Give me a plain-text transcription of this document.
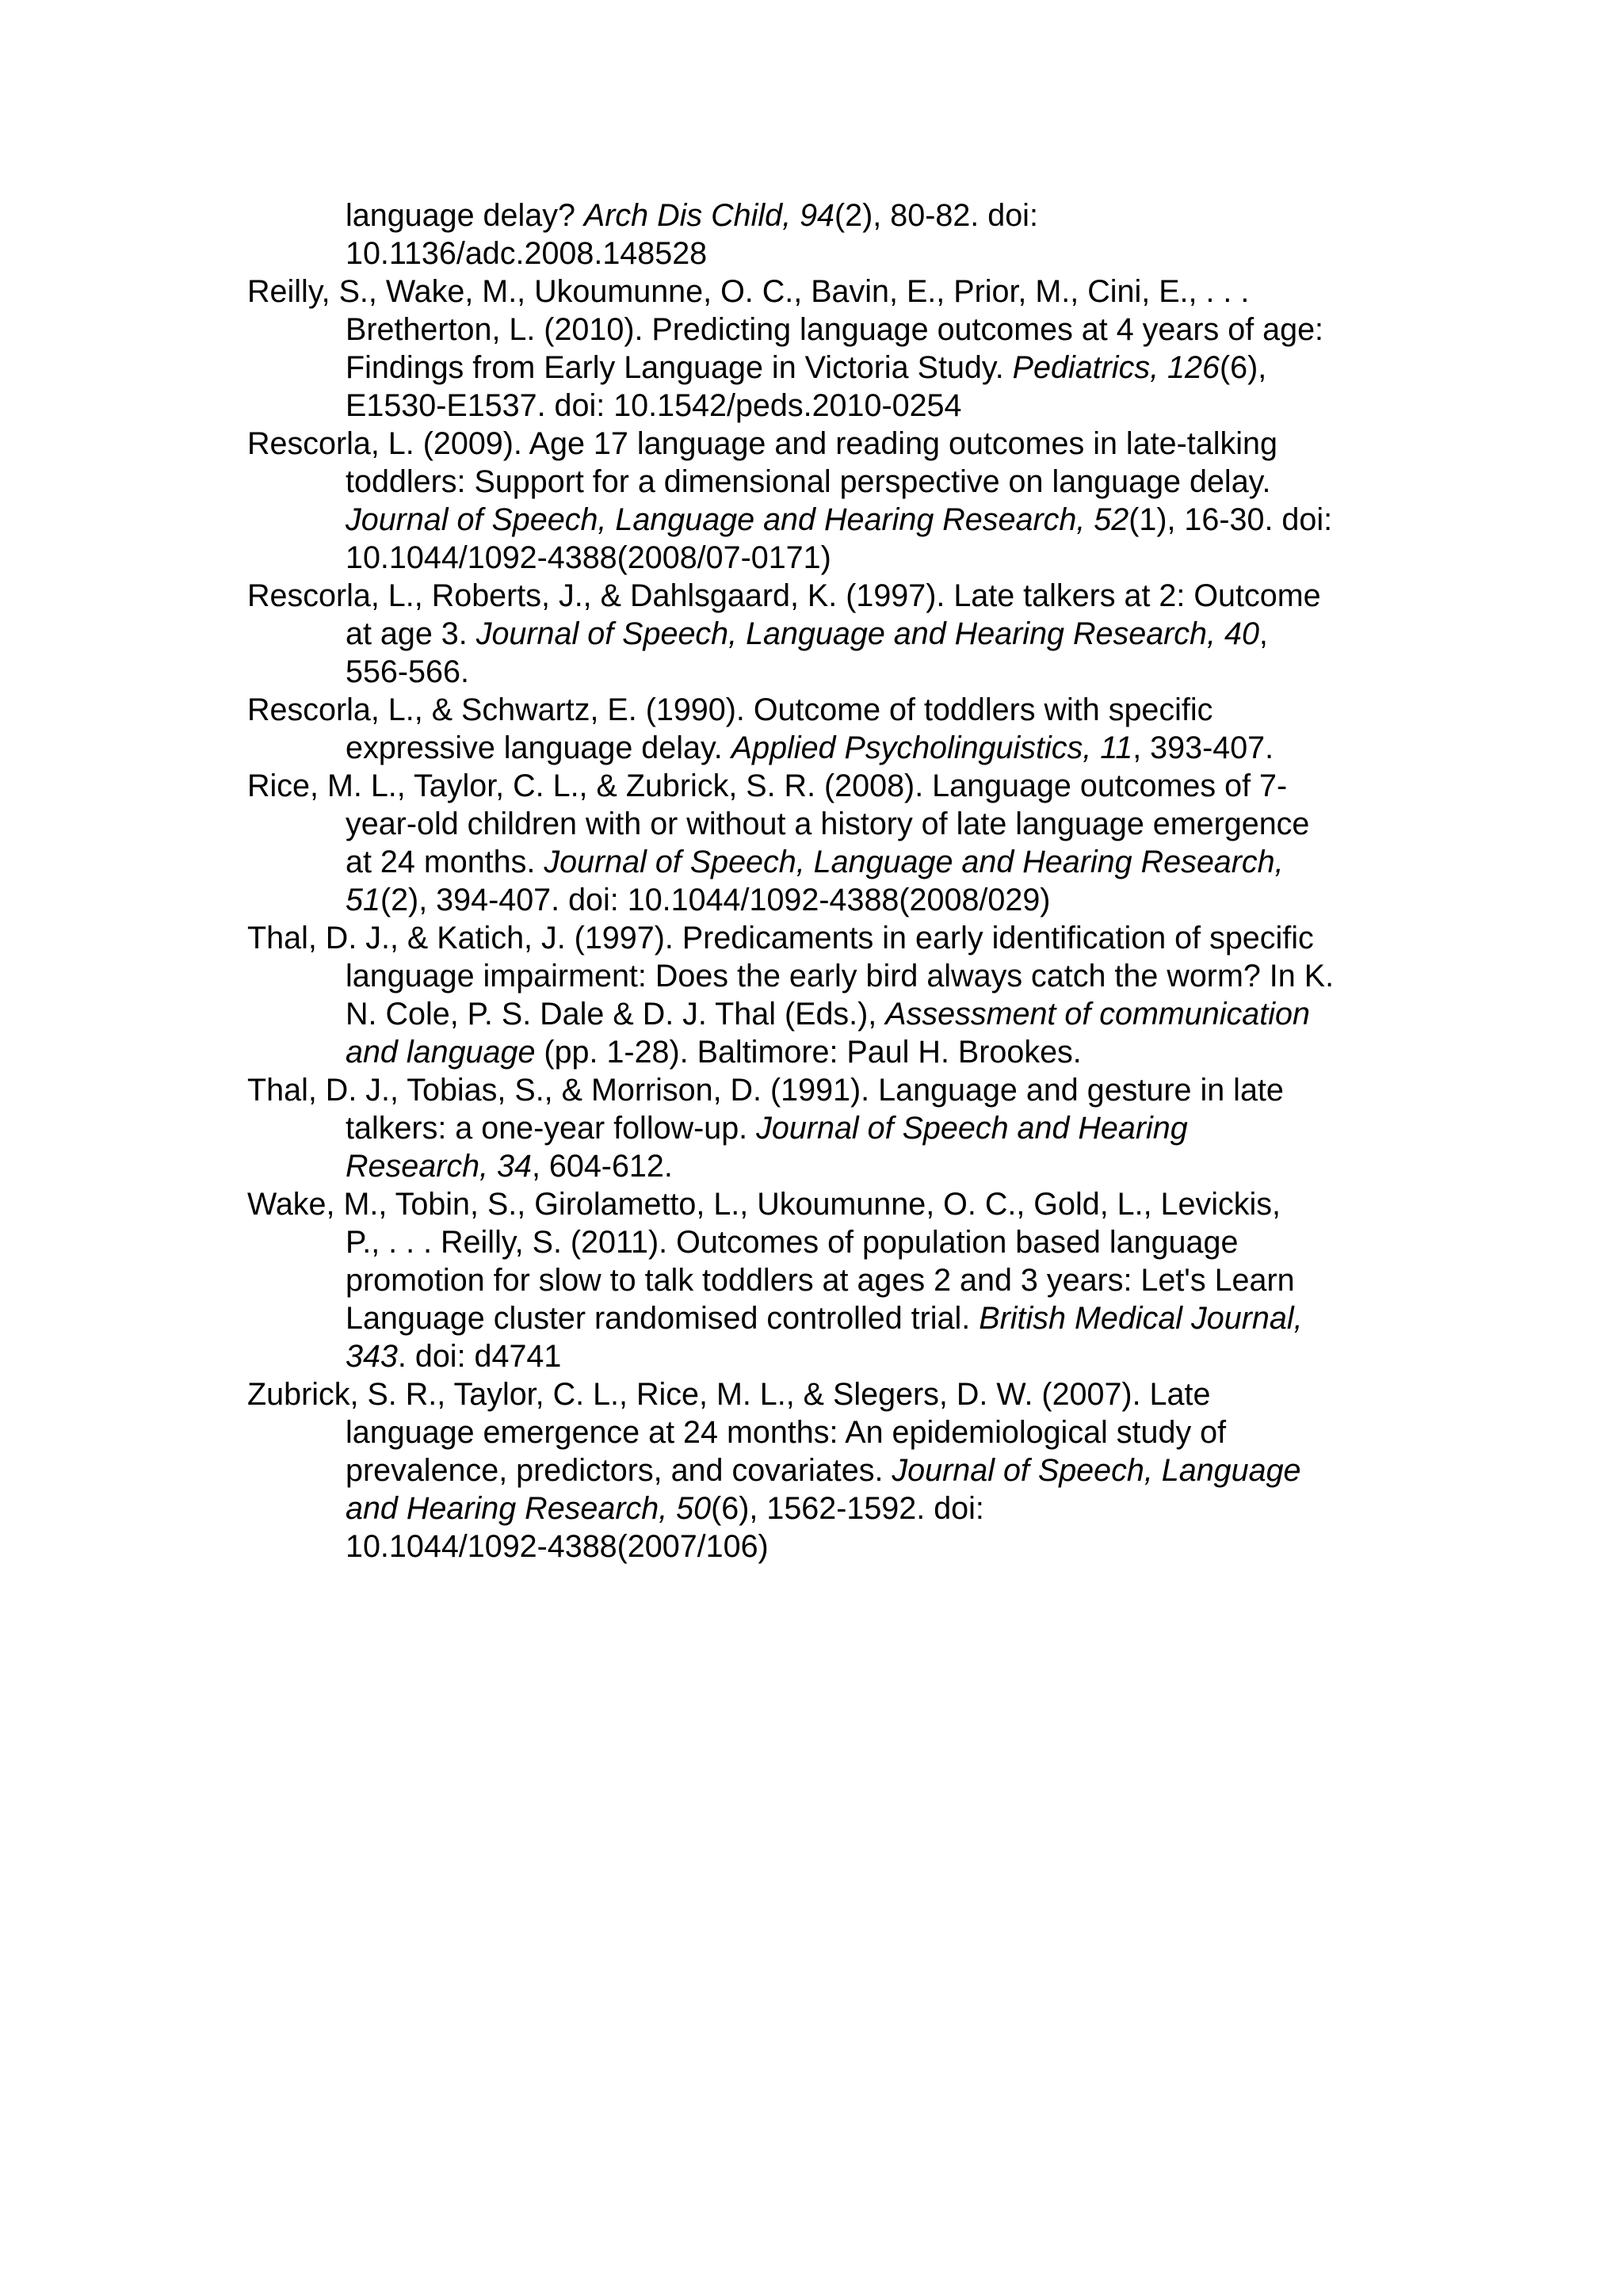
language delay? Arch Dis Child, 94(2), 80-82. doi:
10.1136/adc.2008.148528
Reilly, S., Wake, M., Ukoumunne, O. C., Bavin, E., Prior, M., Cini, E., . . .
Bretherton, L. (2010). Predicting language outcomes at 4 years of age:
Findings from Early Language in Victoria Study. Pediatrics, 126(6),
E1530-E1537. doi: 10.1542/peds.2010-0254
Rescorla, L. (2009). Age 17 language and reading outcomes in late-talking
toddlers: Support for a dimensional perspective on language delay.
Journal of Speech, Language and Hearing Research, 52(1), 16-30. doi:
10.1044/1092-4388(2008/07-0171)
Rescorla, L., Roberts, J., & Dahlsgaard, K. (1997). Late talkers at 2: Outcome
at age 3. Journal of Speech, Language and Hearing Research, 40,
556-566.
Rescorla, L., & Schwartz, E. (1990). Outcome of toddlers with specific
expressive language delay. Applied Psycholinguistics, 11, 393-407.
Rice, M. L., Taylor, C. L., & Zubrick, S. R. (2008). Language outcomes of 7-
year-old children with or without a history of late language emergence
at 24 months. Journal of Speech, Language and Hearing Research,
51(2), 394-407. doi: 10.1044/1092-4388(2008/029)
Thal, D. J., & Katich, J. (1997). Predicaments in early identification of specific
language impairment: Does the early bird always catch the worm? In K.
N. Cole, P. S. Dale & D. J. Thal (Eds.), Assessment of communication
and language (pp. 1-28). Baltimore: Paul H. Brookes.
Thal, D. J., Tobias, S., & Morrison, D. (1991). Language and gesture in late
talkers: a one-year follow-up. Journal of Speech and Hearing
Research, 34, 604-612.
Wake, M., Tobin, S., Girolametto, L., Ukoumunne, O. C., Gold, L., Levickis,
P., . . . Reilly, S. (2011). Outcomes of population based language
promotion for slow to talk toddlers at ages 2 and 3 years: Let's Learn
Language cluster randomised controlled trial. British Medical Journal,
343. doi: d4741
Zubrick, S. R., Taylor, C. L., Rice, M. L., & Slegers, D. W. (2007). Late
language emergence at 24 months: An epidemiological study of
prevalence, predictors, and covariates. Journal of Speech, Language
and Hearing Research, 50(6), 1562-1592. doi:
10.1044/1092-4388(2007/106)
